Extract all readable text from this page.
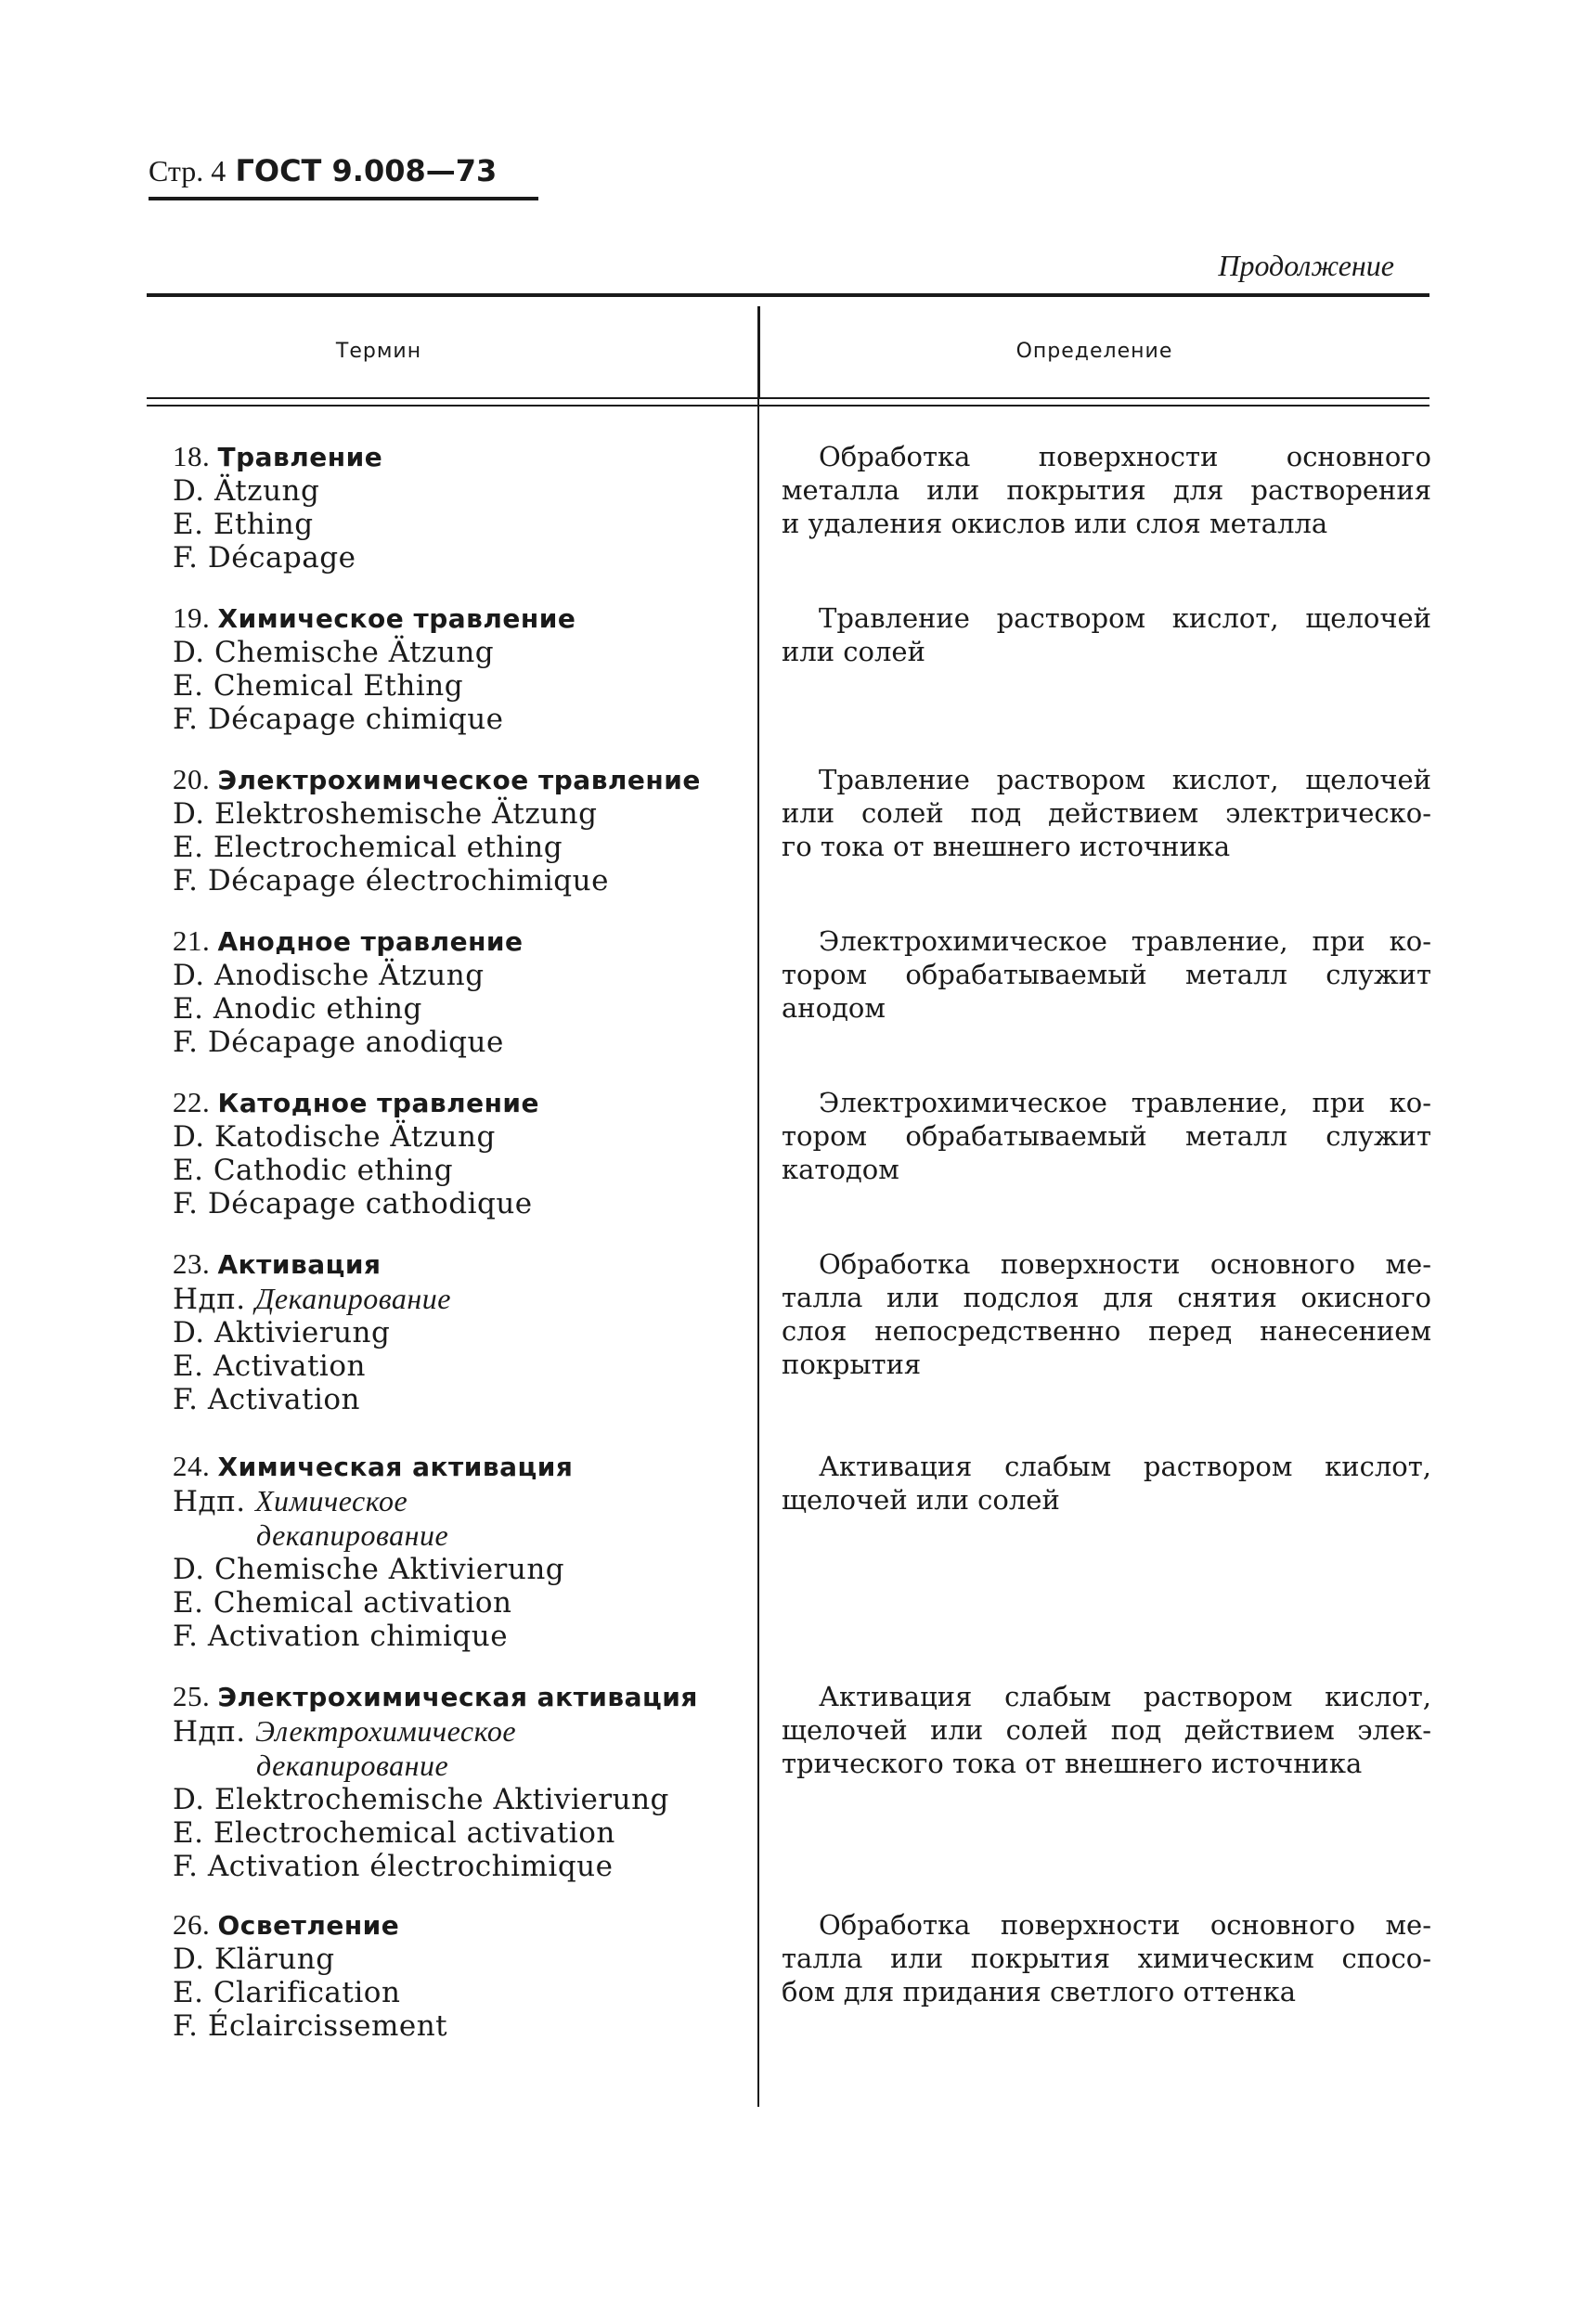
Стр. 4 ГОСТ 9.008—73
Продолжение
Термин	Определение
18. Травление
D. Ätzung
E. Ething
F. Décapage
Обработка поверхности основного
металла или покрытия для растворения
и удаления окислов или слоя металла
19. Химическое травление
D. Chemische Ätzung
E. Chemical Ething
F. Décapage chimique
Травление раствором кислот, щелочей
или солей
20. Электрохимическое травление
D. Elektroshemische Ätzung
E. Electrochemical ething
F. Décapage électrochimique
Травление раствором кислот, щелочей
или солей под действием электрическо-
го тока от внешнего источника
21. Анодное травление
D. Anodische Ätzung
E. Anodic ething
F. Décapage anodique
Электрохимическое травление, при ко-
тором обрабатываемый металл служит
анодом
22. Катодное травление
D. Katodische Ätzung
E. Cathodic ething
F. Décapage cathodique
Электрохимическое травление, при ко-
тором обрабатываемый металл служит
катодом
23. Активация
Ндп. Декапирование
D. Aktivierung
E. Activation
F. Activation
Обработка поверхности основного ме-
талла или подслоя для снятия окисного
слоя непосредственно перед нанесением
покрытия
24. Химическая активация
Ндп. Химическое
декапирование
D. Chemische Aktivierung
E. Chemical activation
F. Activation chimique
Активация слабым раствором кислот,
щелочей или солей
25. Электрохимическая активация
Ндп. Электрохимическое
декапирование
D. Elektrochemische Aktivierung
E. Electrochemical activation
F. Activation électrochimique
Активация слабым раствором кислот,
щелочей или солей под действием элек-
трического тока от внешнего источника
26. Осветление
D. Klärung
E. Clarification
F. Éclaircissement
Обработка поверхности основного ме-
талла или покрытия химическим спосо-
бом для придания светлого оттенка
